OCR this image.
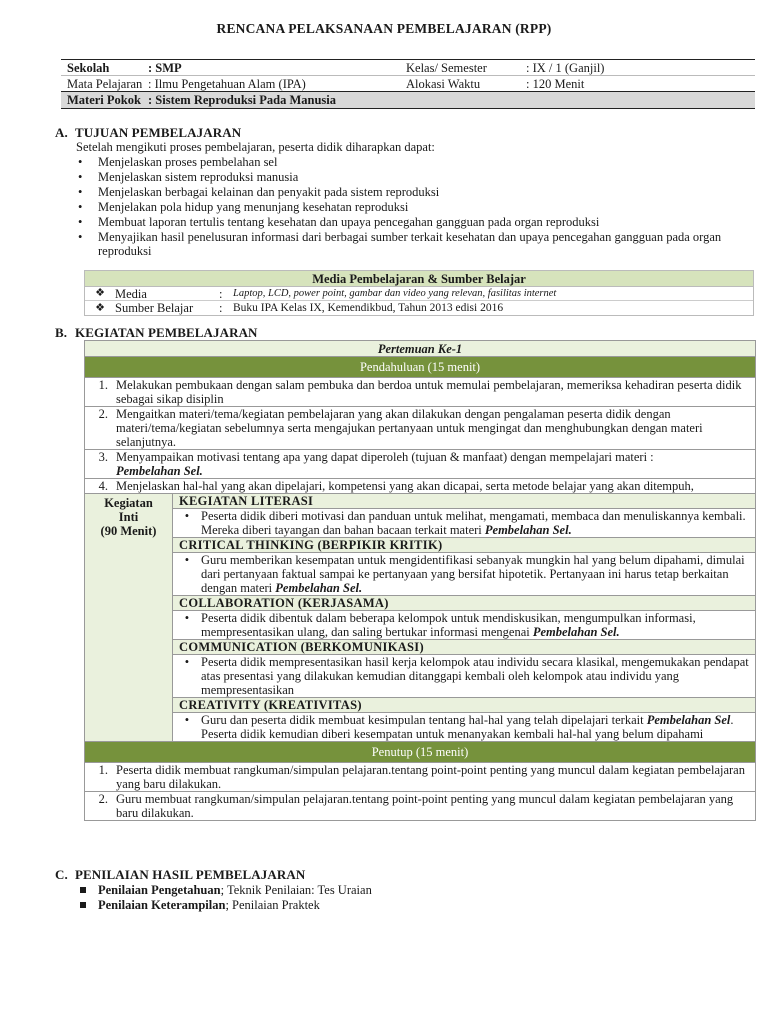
RENCANA PELAKSANAAN PEMBELAJARAN (RPP)
Sekolah	: SMP	Kelas/ Semester	: IX / 1 (Ganjil)
Mata Pelajaran : Ilmu Pengetahuan Alam (IPA)	Alokasi Waktu	: 120 Menit
Materi Pokok : Sistem Reproduksi Pada Manusia
A. TUJUAN PEMBELAJARAN
Setelah mengikuti proses pembelajaran, peserta didik diharapkan dapat:
• Menjelaskan proses pembelahan sel
• Menjelaskan sistem reproduksi manusia
• Menjelaskan berbagai kelainan dan penyakit pada sistem reproduksi
• Menjelakan pola hidup yang menunjang kesehatan reproduksi
• Membuat laporan tertulis tentang kesehatan dan upaya pencegahan gangguan pada organ reproduksi
• Menyajikan hasil penelusuran informasi dari berbagai sumber terkait kesehatan dan upaya pencegahan gangguan pada organ reproduksi
Media Pembelajaran & Sumber Belajar
❖ Media	:	Laptop, LCD, power point, gambar dan video yang relevan, fasilitas internet
❖ Sumber Belajar	: Buku IPA Kelas IX, Kemendikbud, Tahun 2013 edisi 2016
B. KEGIATAN PEMBELAJARAN
Pertemuan Ke-1
Pendahuluan (15 menit)
1. Melakukan pembukaan dengan salam pembuka dan berdoa untuk memulai pembelajaran, memeriksa kehadiran peserta didik sebagai sikap disiplin
2. Mengaitkan materi/tema/kegiatan pembelajaran yang akan dilakukan dengan pengalaman peserta didik dengan materi/tema/kegiatan sebelumnya serta mengajukan pertanyaan untuk mengingat dan menghubungkan dengan materi selanjutnya.
3. Menyampaikan motivasi tentang apa yang dapat diperoleh (tujuan & manfaat) dengan mempelajari materi :
Pembelahan Sel.
4. Menjelaskan hal-hal yang akan dipelajari, kompetensi yang akan dicapai, serta metode belajar yang akan ditempuh,
Kegiatan
Inti
(90 Menit)
KEGIATAN LITERASI
• Peserta didik diberi motivasi dan panduan untuk melihat, mengamati, membaca dan menuliskannya kembali. Mereka diberi tayangan dan bahan bacaan terkait materi Pembelahan Sel.
CRITICAL THINKING (BERPIKIR KRITIK)
• Guru memberikan kesempatan untuk mengidentifikasi sebanyak mungkin hal yang belum dipahami, dimulai dari pertanyaan faktual sampai ke pertanyaan yang bersifat hipotetik. Pertanyaan ini harus tetap berkaitan dengan materi Pembelahan Sel.
COLLABORATION (KERJASAMA)
• Peserta didik dibentuk dalam beberapa kelompok untuk mendiskusikan, mengumpulkan informasi, mempresentasikan ulang, dan saling bertukar informasi mengenai Pembelahan Sel.
COMMUNICATION (BERKOMUNIKASI)
• Peserta didik mempresentasikan hasil kerja kelompok atau individu secara klasikal, mengemukakan pendapat atas presentasi yang dilakukan kemudian ditanggapi kembali oleh kelompok atau individu yang mempresentasikan
CREATIVITY (KREATIVITAS)
• Guru dan peserta didik membuat kesimpulan tentang hal-hal yang telah dipelajari terkait Pembelahan Sel. Peserta didik kemudian diberi kesempatan untuk menanyakan kembali hal-hal yang belum dipahami
Penutup (15 menit)
1. Peserta didik membuat rangkuman/simpulan pelajaran.tentang point-point penting yang muncul dalam kegiatan pembelajaran yang baru dilakukan.
2. Guru membuat rangkuman/simpulan pelajaran.tentang point-point penting yang muncul dalam kegiatan pembelajaran yang baru dilakukan.
C. PENILAIAN HASIL PEMBELAJARAN
Penilaian Pengetahuan; Teknik Penilaian: Tes Uraian
Penilaian Keterampilan; Penilaian Praktek
